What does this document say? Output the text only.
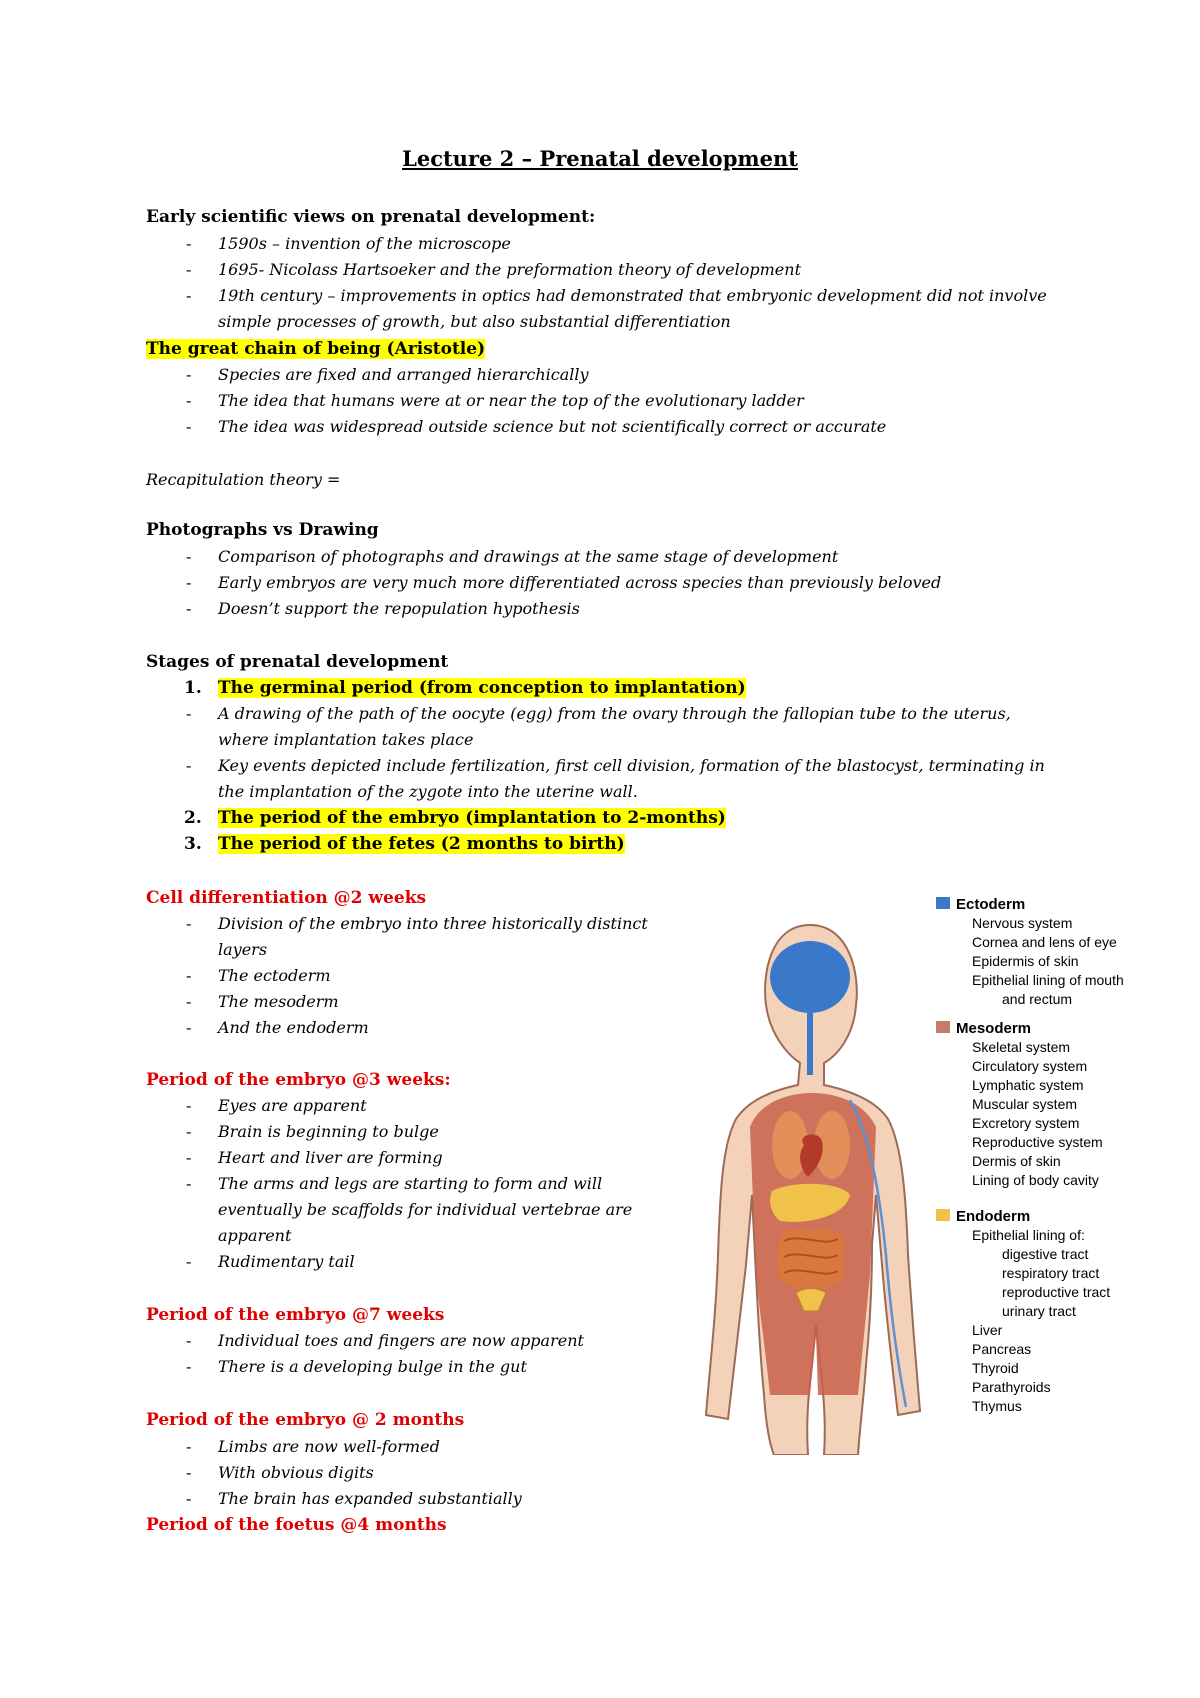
Lecture 2 – Prenatal development

Early scientific views on prenatal development:

- 1590s – invention of the microscope
- 1695- Nicolass Hartsoeker and the preformation theory of development
- 19th century – improvements in optics had demonstrated that embryonic development did not involve simple processes of growth, but also substantial differentiation

The great chain of being (Aristotle)

- Species are fixed and arranged hierarchically
- The idea that humans were at or near the top of the evolutionary ladder
- The idea was widespread outside science but not scientifically correct or accurate

Recapitulation theory =

Photographs vs Drawing

- Comparison of photographs and drawings at the same stage of development
- Early embryos are very much more differentiated across species than previously beloved
- Doesn’t support the repopulation hypothesis

Stages of prenatal development

1. The germinal period (from conception to implantation)
- A drawing of the path of the oocyte (egg) from the ovary through the fallopian tube to the uterus, where implantation takes place
- Key events depicted include fertilization, first cell division, formation of the blastocyst, terminating in the implantation of the zygote into the uterine wall.
2. The period of the embryo (implantation to 2-months)
3. The period of the fetes (2 months to birth)

Cell differentiation @2 weeks

- Division of the embryo into three historically distinct layers
- The ectoderm
- The mesoderm
- And the endoderm

Period of the embryo @3 weeks:

- Eyes are apparent
- Brain is beginning to bulge
- Heart and liver are forming
- The arms and legs are starting to form and will eventually be scaffolds for individual vertebrae are apparent
- Rudimentary tail

Period of the embryo @7 weeks

- Individual toes and fingers are now apparent
- There is a developing bulge in the gut

Period of the embryo @ 2 months

- Limbs are now well-formed
- With obvious digits
- The brain has expanded substantially

Period of the foetus @4 months

Ectoderm
Nervous system
Cornea and lens of eye
Epidermis of skin
Epithelial lining of mouth
and rectum
Mesoderm
Skeletal system
Circulatory system
Lymphatic system
Muscular system
Excretory system
Reproductive system
Dermis of skin
Lining of body cavity
Endoderm
Epithelial lining of:
digestive tract
respiratory tract
reproductive tract
urinary tract
Liver
Pancreas
Thyroid
Parathyroids
Thymus
